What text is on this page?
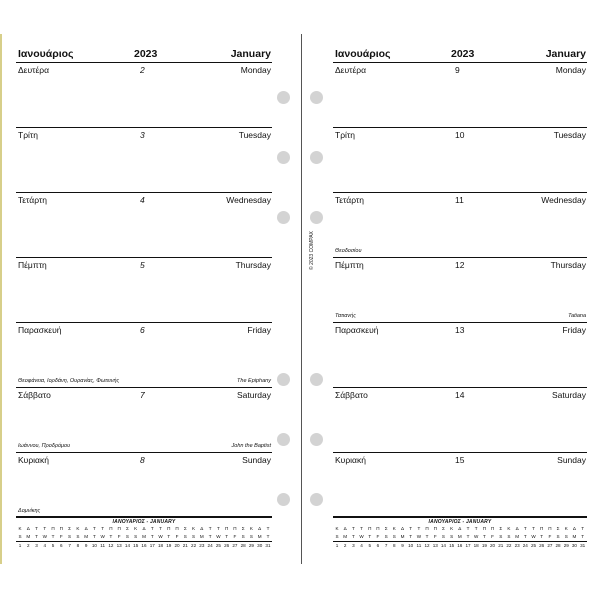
Ιανουάριος	2023	January
Δευτέρα	2	Monday
Τρίτη	3	Tuesday
Τετάρτη	4	Wednesday
Πέμπτη	5	Thursday
Παρασκευή	6	Friday
Θεοφάνεια, Ιορδάνη, Ουρανίας, Φωτεινής	The Epiphany
Σάββατο	7	Saturday
Ιωάννου, Προδρόμου	John the Baptist
Κυριακή	8	Sunday
Δομνίκης
ΙΑΝΟΥΑΡΙΟΣ - JANUARY
Κ	Δ	Τ	Τ	Π	Π	Σ	Κ	Δ	Τ	Τ	Π	Π	Σ	Κ	Δ	Τ	Τ	Π	Π	Σ	Κ	Δ	Τ	Τ	Π	Π	Σ	Κ	Δ	Τ
S	M	T	W	T	F	S	S	M	T	W	T	F	S	S	M	T	W	T	F	S	S	M	T	W	T	F	S	S	M	T
1	2	3	4	5	6	7	8	9 10 11 12 13 14 15 16 17 18 19 20 21 22 23 24 25 26 27 28 29 30 31
Ιανουάριος	2023	January
Δευτέρα	9	Monday
Τρίτη	10	Tuesday
Τετάρτη	11	Wednesday
Θεοδοσίου
Πέμπτη	12	Thursday
Τατιανής	Tatiana
Παρασκευή	13	Friday
Σάββατο	14	Saturday
Κυριακή	15	Sunday
ΙΑΝΟΥΑΡΙΟΣ - JANUARY
Κ	Δ	Τ	Τ	Π	Π	Σ	Κ	Δ	Τ	Τ	Π	Π	Σ	Κ	Δ	Τ	Τ	Π	Π	Σ	Κ	Δ	Τ	Τ	Π	Π	Σ	Κ	Δ	Τ
S	M	T	W	T	F	S	S	M	T	W	T	F	S	S	M	T	W	T	F	S	S	M	T	W	T	F	S	S	M	T
1	2	3	4	5	6	7	8	9 10 11 12 13 14 15 16 17 18 19 20 21 22 23 24 25 26 27 28 29 30 31
© 2023 COMPAX
